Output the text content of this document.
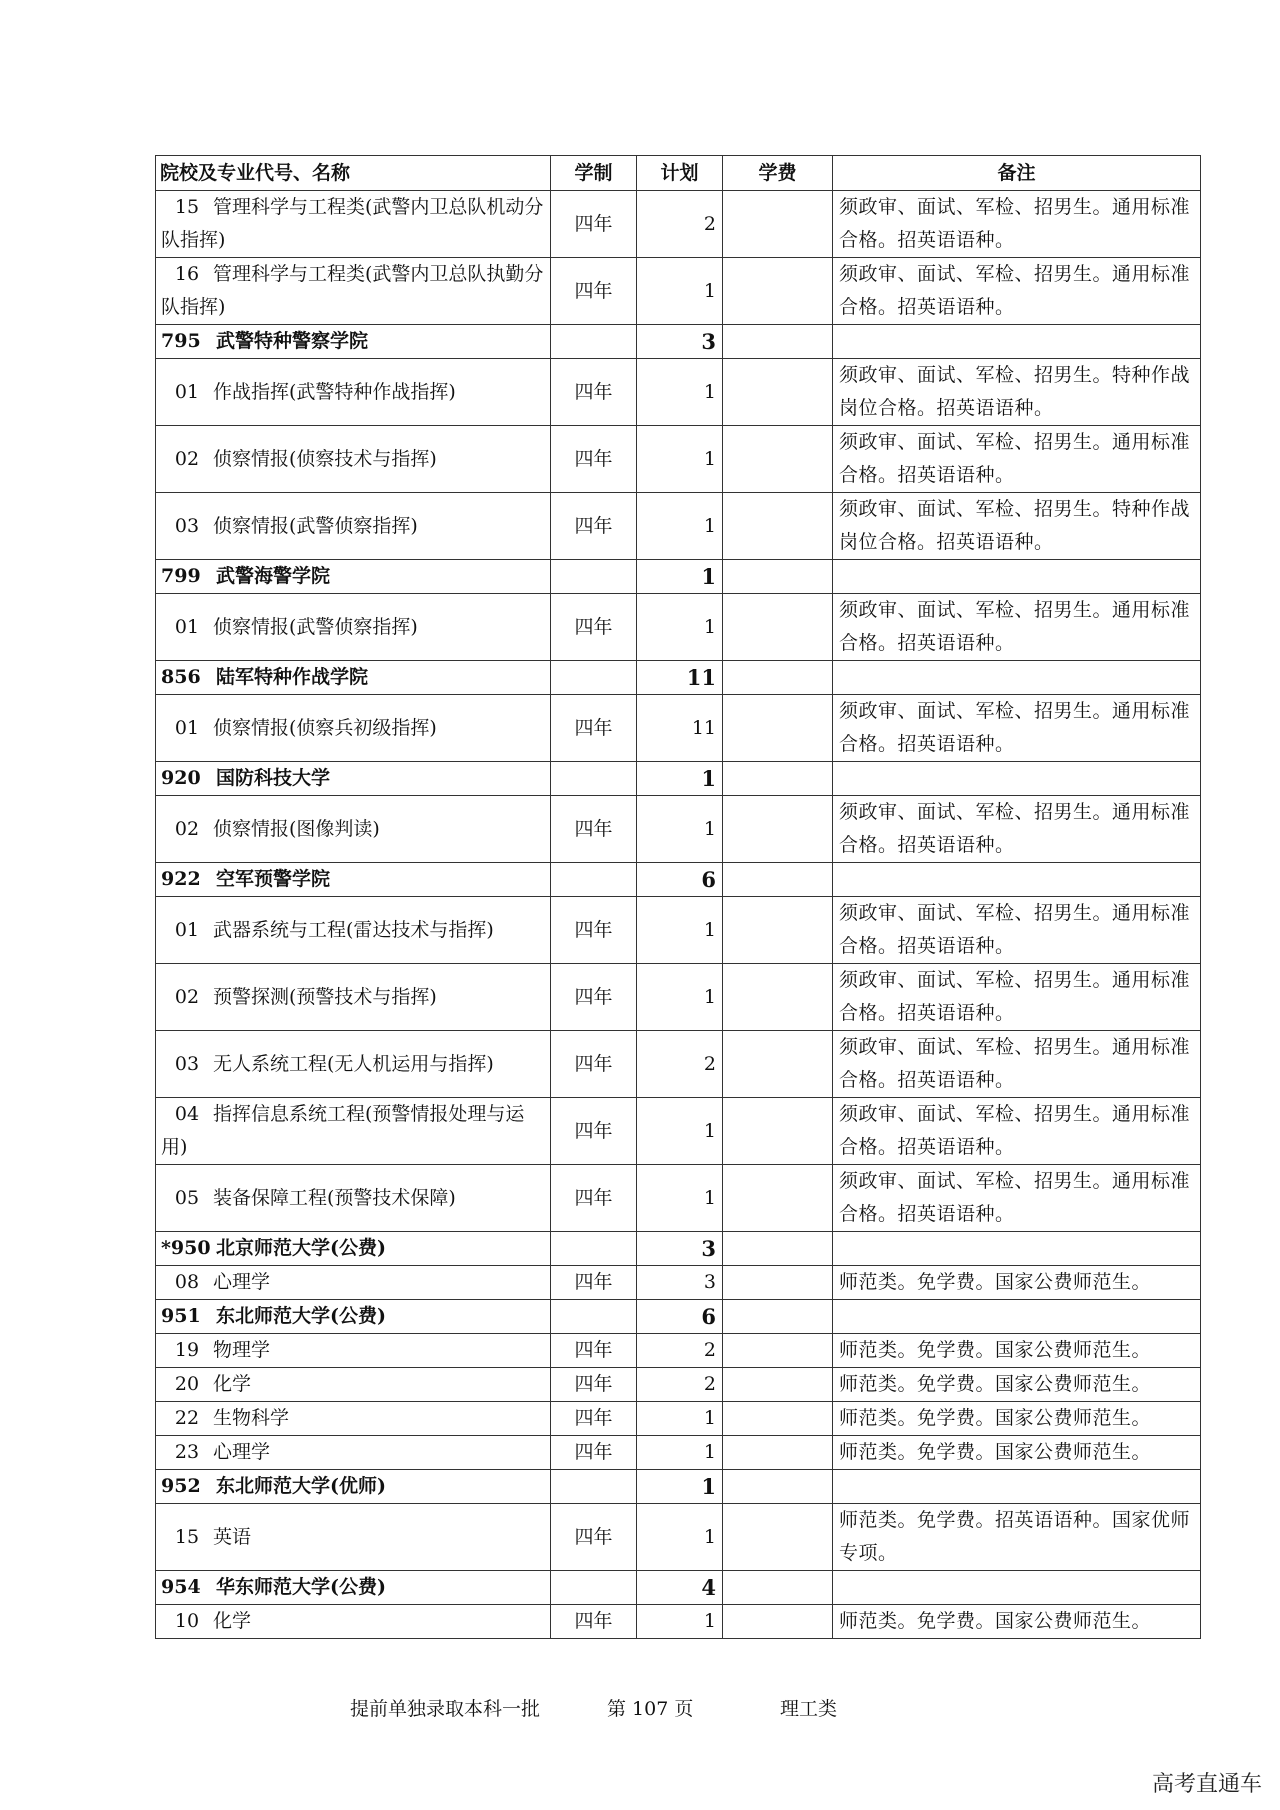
院校及专业代号、名称	学制	计划	学费	备注
15 管理科学与工程类(武警内卫总队机动分队指挥)	四年	2		须政审、面试、军检、招男生。通用标准合格。招英语语种。
16 管理科学与工程类(武警内卫总队执勤分队指挥)	四年	1		须政审、面试、军检、招男生。通用标准合格。招英语语种。
795 武警特种警察学院		3		
01 作战指挥(武警特种作战指挥)	四年	1		须政审、面试、军检、招男生。特种作战岗位合格。招英语语种。
02 侦察情报(侦察技术与指挥)	四年	1		须政审、面试、军检、招男生。通用标准合格。招英语语种。
03 侦察情报(武警侦察指挥)	四年	1		须政审、面试、军检、招男生。特种作战岗位合格。招英语语种。
799 武警海警学院		1		
01 侦察情报(武警侦察指挥)	四年	1		须政审、面试、军检、招男生。通用标准合格。招英语语种。
856 陆军特种作战学院		11		
01 侦察情报(侦察兵初级指挥)	四年	11		须政审、面试、军检、招男生。通用标准合格。招英语语种。
920 国防科技大学		1		
02 侦察情报(图像判读)	四年	1		须政审、面试、军检、招男生。通用标准合格。招英语语种。
922 空军预警学院		6		
01 武器系统与工程(雷达技术与指挥)	四年	1		须政审、面试、军检、招男生。通用标准合格。招英语语种。
02 预警探测(预警技术与指挥)	四年	1		须政审、面试、军检、招男生。通用标准合格。招英语语种。
03 无人系统工程(无人机运用与指挥)	四年	2		须政审、面试、军检、招男生。通用标准合格。招英语语种。
04 指挥信息系统工程(预警情报处理与运用)	四年	1		须政审、面试、军检、招男生。通用标准合格。招英语语种。
05 装备保障工程(预警技术保障)	四年	1		须政审、面试、军检、招男生。通用标准合格。招英语语种。
*950 北京师范大学(公费)		3		
08 心理学	四年	3		师范类。免学费。国家公费师范生。
951 东北师范大学(公费)		6		
19 物理学	四年	2		师范类。免学费。国家公费师范生。
20 化学	四年	2		师范类。免学费。国家公费师范生。
22 生物科学	四年	1		师范类。免学费。国家公费师范生。
23 心理学	四年	1		师范类。免学费。国家公费师范生。
952 东北师范大学(优师)		1		
15 英语	四年	1		师范类。免学费。招英语语种。国家优师专项。
954 华东师范大学(公费)		4		
10 化学	四年	1		师范类。免学费。国家公费师范生。
提前单独录取本科一批	第 107 页	理工类
高考直通车
